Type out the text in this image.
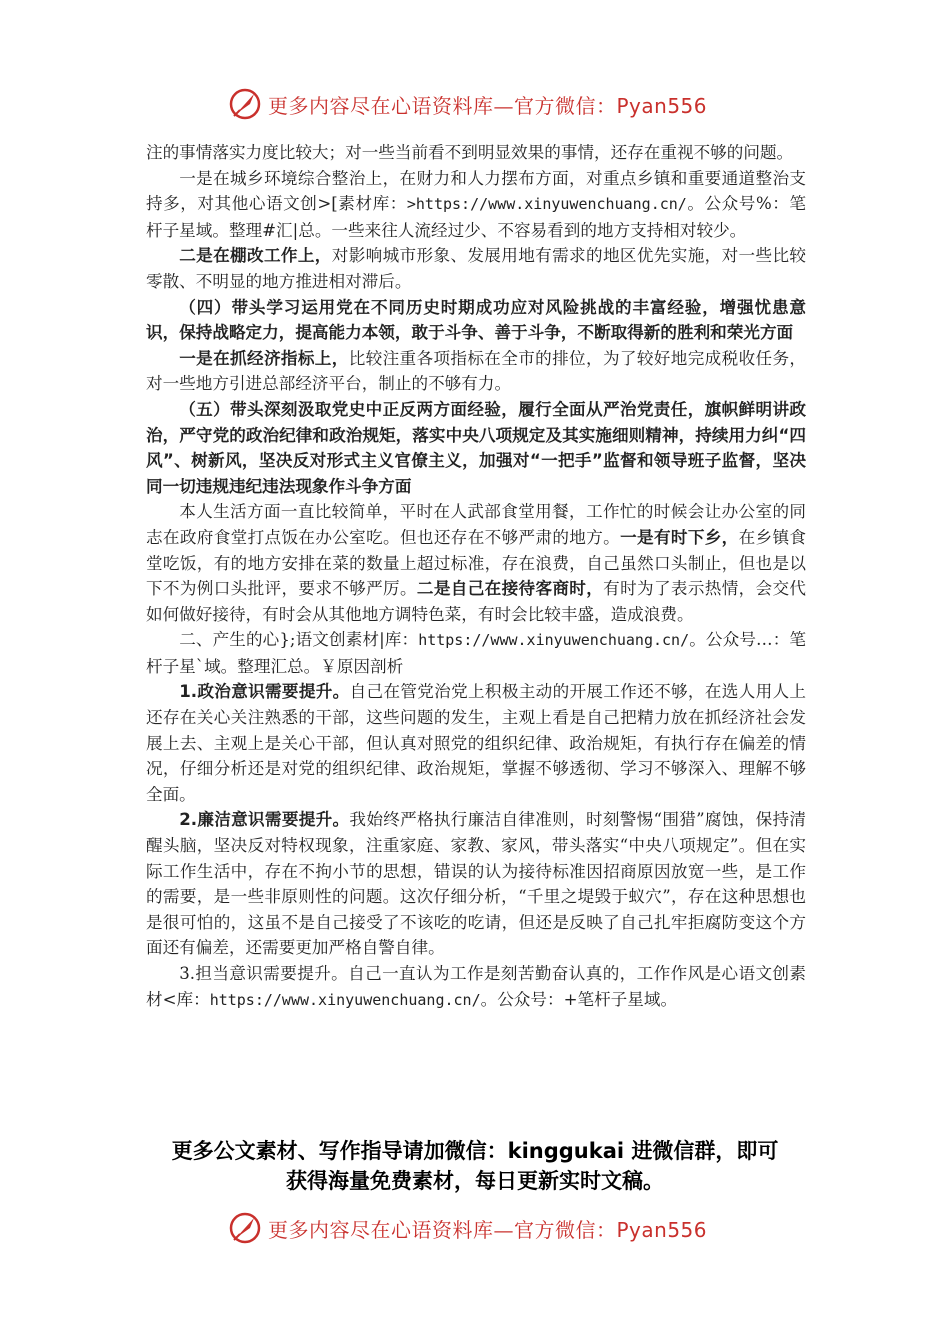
更多内容尽在心语资料库—官方微信：Pyan556

注的事情落实力度比较大；对一些当前看不到明显效果的事情，还存在重视不够的问题。

一是在城乡环境综合整治上，在财力和人力摆布方面，对重点乡镇和重要通道整治支持多，对其他心语文创>[素材库：>https://www.xinyuwenchuang.cn/。公众号%：笔杆子星域。整理#汇|总。一些来往人流经过少、不容易看到的地方支持相对较少。

二是在棚改工作上，对影响城市形象、发展用地有需求的地区优先实施，对一些比较零散、不明显的地方推进相对滞后。

（四）带头学习运用党在不同历史时期成功应对风险挑战的丰富经验，增强忧患意识，保持战略定力，提高能力本领，敢于斗争、善于斗争，不断取得新的胜利和荣光方面

一是在抓经济指标上，比较注重各项指标在全市的排位，为了较好地完成税收任务，对一些地方引进总部经济平台，制止的不够有力。

（五）带头深刻汲取党史中正反两方面经验，履行全面从严治党责任，旗帜鲜明讲政治，严守党的政治纪律和政治规矩，落实中央八项规定及其实施细则精神，持续用力纠“四风”、树新风，坚决反对形式主义官僚主义，加强对“一把手”监督和领导班子监督，坚决同一切违规违纪违法现象作斗争方面

本人生活方面一直比较简单，平时在人武部食堂用餐，工作忙的时候会让办公室的同志在政府食堂打点饭在办公室吃。但也还存在不够严肃的地方。一是有时下乡，在乡镇食堂吃饭，有的地方安排在菜的数量上超过标准，存在浪费，自己虽然口头制止，但也是以下不为例口头批评，要求不够严厉。二是自己在接待客商时，有时为了表示热情，会交代如何做好接待，有时会从其他地方调特色菜，有时会比较丰盛，造成浪费。

二、产生的心};语文创素材|库：https://www.xinyuwenchuang.cn/。公众号…：笔杆子星`域。整理汇总。￥原因剖析

1.政治意识需要提升。自己在管党治党上积极主动的开展工作还不够，在选人用人上还存在关心关注熟悉的干部，这些问题的发生，主观上看是自己把精力放在抓经济社会发展上去、主观上是关心干部，但认真对照党的组织纪律、政治规矩，有执行存在偏差的情况，仔细分析还是对党的组织纪律、政治规矩，掌握不够透彻、学习不够深入、理解不够全面。

2.廉洁意识需要提升。我始终严格执行廉洁自律准则，时刻警惕“围猎”腐蚀，保持清醒头脑，坚决反对特权现象，注重家庭、家教、家风，带头落实“中央八项规定”。但在实际工作生活中，存在不拘小节的思想，错误的认为接待标准因招商原因放宽一些，是工作的需要，是一些非原则性的问题。这次仔细分析，“千里之堤毁于蚁穴”，存在这种思想也是很可怕的，这虽不是自己接受了不该吃的吃请，但还是反映了自己扎牢拒腐防变这个方面还有偏差，还需要更加严格自警自律。

3.担当意识需要提升。自己一直认为工作是刻苦勤奋认真的，工作作风是心语文创素材<库：https://www.xinyuwenchuang.cn/。公众号：+笔杆子星域。

更多公文素材、写作指导请加微信：kinggukai 进微信群，即可
获得海量免费素材，每日更新实时文稿。
更多内容尽在心语资料库—官方微信：Pyan556
